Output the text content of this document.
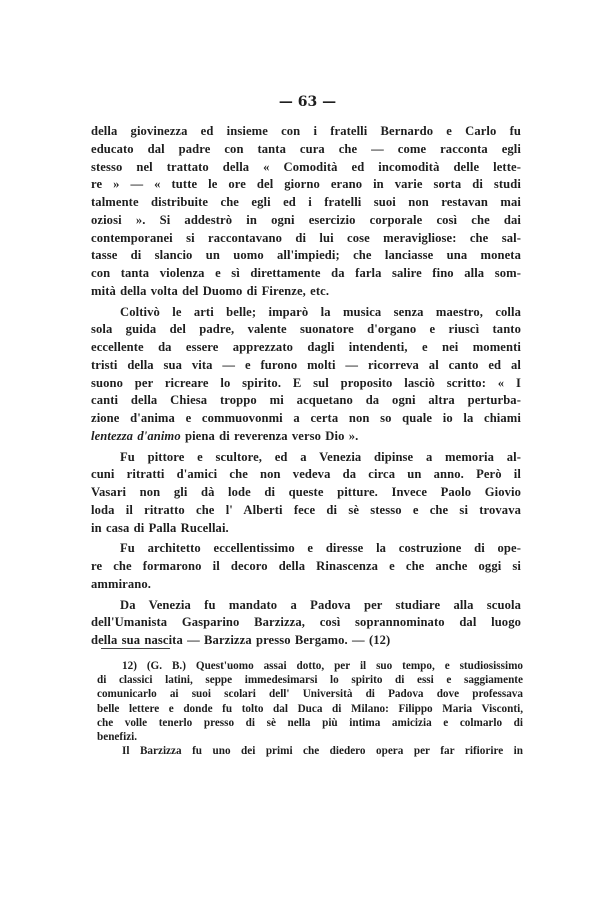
— 63 —
della giovinezza ed insieme con i fratelli Bernardo e Carlo fu
educato dal padre con tanta cura che — come racconta egli
stesso nel trattato della « Comodità ed incomodità delle lette-
re » — « tutte le ore del giorno erano in varie sorta di studi
talmente distribuite che egli ed i fratelli suoi non restavan mai
oziosi ». Si addestrò in ogni esercizio corporale così che dai
contemporanei si raccontavano di lui cose meravigliose: che sal-
tasse di slancio un uomo all'impiedi; che lanciasse una moneta
con tanta violenza e sì direttamente da farla salire fino alla som-
mità della volta del Duomo di Firenze, etc.
Coltivò le arti belle; imparò la musica senza maestro, colla
sola guida del padre, valente suonatore d'organo e riuscì tanto
eccellente da essere apprezzato dagli intendenti, e nei momenti
tristi della sua vita — e furono molti — ricorreva al canto ed al
suono per ricreare lo spirito. E sul proposito lasciò scritto: « I
canti della Chiesa troppo mi acquetano da ogni altra perturba-
zione d'anima e commuovonmi a certa non so quale io la chiami
lentezza d'animo piena di reverenza verso Dio ».
Fu pittore e scultore, ed a Venezia dipinse a memoria al-
cuni ritratti d'amici che non vedeva da circa un anno. Però il
Vasari non gli dà lode di queste pitture. Invece Paolo Giovio
loda il ritratto che l' Alberti fece di sè stesso e che si trovava
in casa di Palla Rucellai.
Fu architetto eccellentissimo e diresse la costruzione di ope-
re che formarono il decoro della Rinascenza e che anche oggi si
ammirano.
Da Venezia fu mandato a Padova per studiare alla scuola
dell'Umanista Gasparino Barzizza, così soprannominato dal luogo
della sua nascita — Barzizza presso Bergamo. — (12)
12) (G. B.) Quest'uomo assai dotto, per il suo tempo, e studiosissimo
di classici latini, seppe immedesimarsi lo spirito di essi e saggiamente
comunicarlo ai suoi scolari dell' Università di Padova dove professava
belle lettere e donde fu tolto dal Duca di Milano: Filippo Maria Visconti,
che volle tenerlo presso di sè nella più intima amicizia e colmarlo di
benefizi.
Il Barzizza fu uno dei primi che diedero opera per far rifiorire in
